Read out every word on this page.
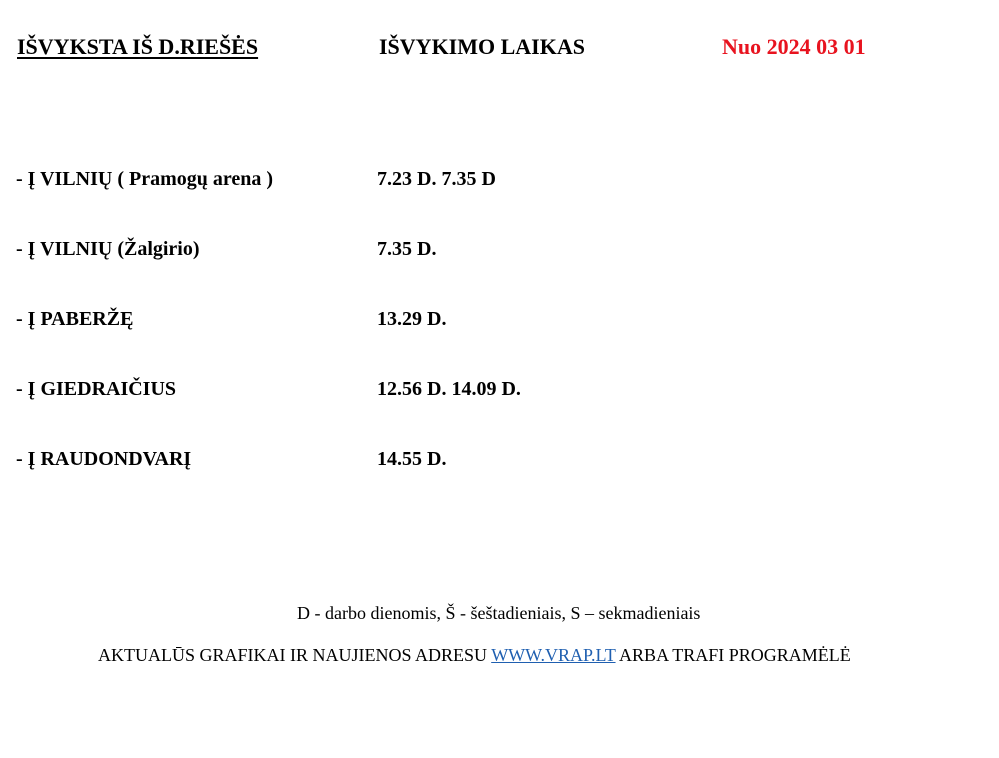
IŠVYKSTA IŠ D.RIEŠĖS	IŠVYKIMO LAIKAS	Nuo 2024 03 01
- Į VILNIŲ ( Pramogų arena )	7.23 D. 7.35 D
- Į VILNIŲ (Žalgirio)	7.35 D.
- Į PABERŽĘ	13.29 D.
- Į GIEDRAIČIUS	12.56 D. 14.09 D.
- Į RAUDONDVARĮ	14.55 D.
D - darbo dienomis, Š - šeštadieniais, S – sekmadieniais
AKTUALŪS GRAFIKAI IR NAUJIENOS ADRESU WWW.VRAP.LT ARBA TRAFI PROGRAMĖLĖ
